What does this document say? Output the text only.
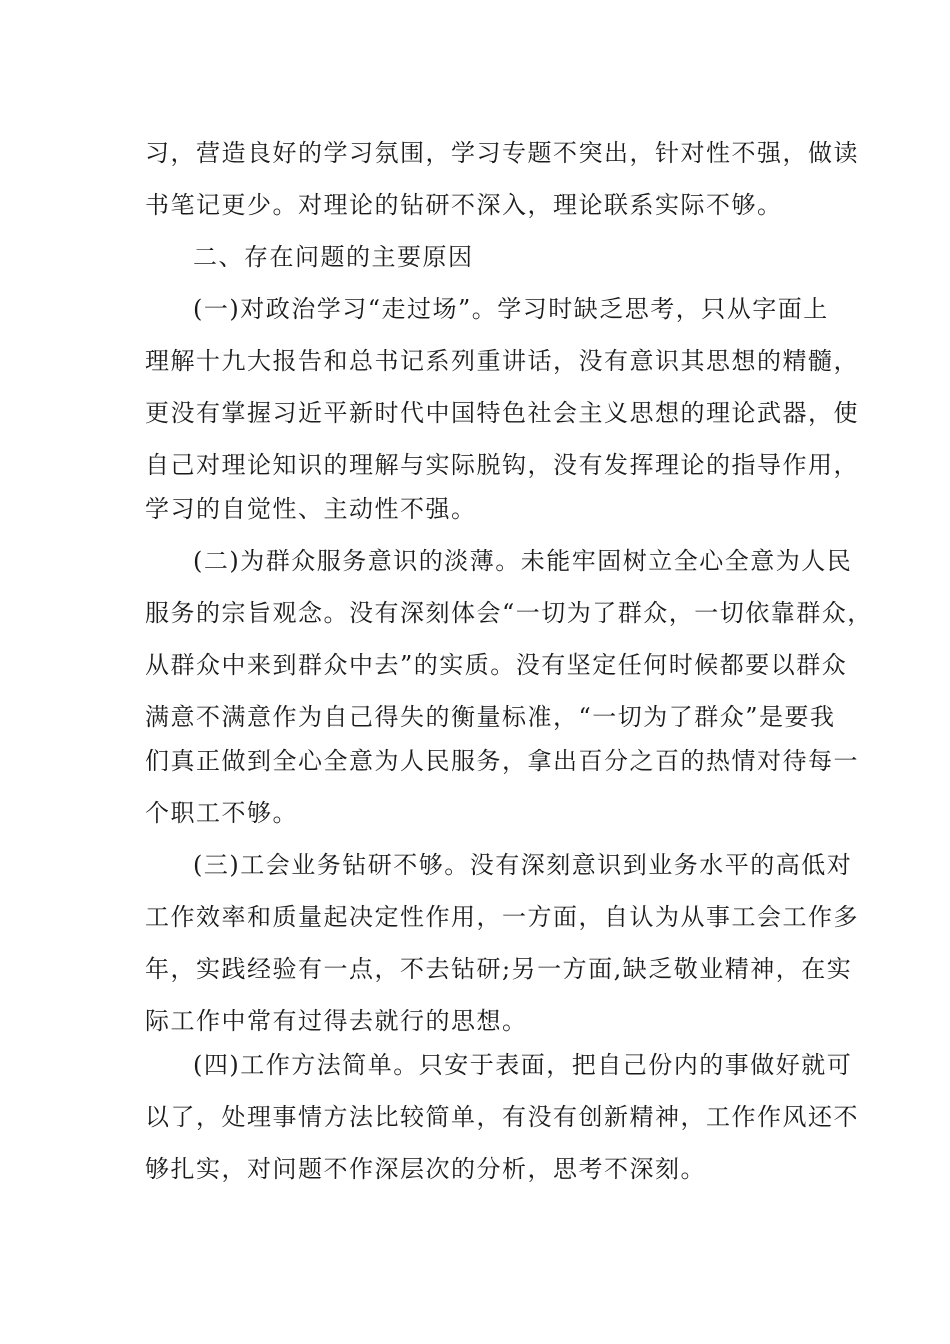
习，营造良好的学习氛围，学习专题不突出，针对性不强，做读
书笔记更少。对理论的钻研不深入，理论联系实际不够。
二、存在问题的主要原因
(一)对政治学习“走过场”。学习时缺乏思考，只从字面上
理解十九大报告和总书记系列重讲话，没有意识其思想的精髓，
更没有掌握习近平新时代中国特色社会主义思想的理论武器，使
自己对理论知识的理解与实际脱钩，没有发挥理论的指导作用，
学习的自觉性、主动性不强。
(二)为群众服务意识的淡薄。未能牢固树立全心全意为人民
服务的宗旨观念。没有深刻体会“一切为了群众，一切依靠群众，
从群众中来到群众中去”的实质。没有坚定任何时候都要以群众
满意不满意作为自己得失的衡量标准，“一切为了群众”是要我
们真正做到全心全意为人民服务，拿出百分之百的热情对待每一
个职工不够。
(三)工会业务钻研不够。没有深刻意识到业务水平的高低对
工作效率和质量起决定性作用，一方面，自认为从事工会工作多
年，实践经验有一点，不去钻研;另一方面,缺乏敬业精神，在实
际工作中常有过得去就行的思想。
(四)工作方法简单。只安于表面，把自己份内的事做好就可
以了，处理事情方法比较简单，有没有创新精神，工作作风还不
够扎实，对问题不作深层次的分析，思考不深刻。
